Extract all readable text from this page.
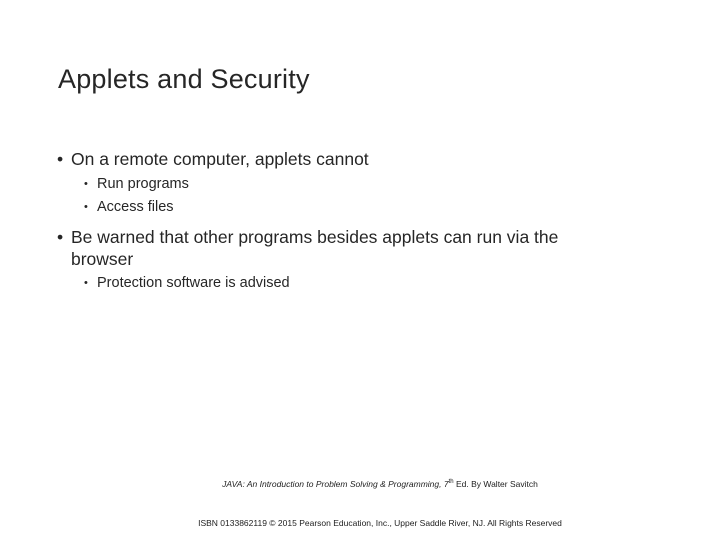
Applets and Security
• On a remote computer, applets cannot
• Run programs
• Access files
• Be warned that other programs besides applets can run via the browser
• Protection software is advised
JAVA: An Introduction to Problem Solving & Programming, 7th Ed. By Walter Savitch
ISBN 0133862119 © 2015 Pearson Education, Inc., Upper Saddle River, NJ. All Rights Reserved
